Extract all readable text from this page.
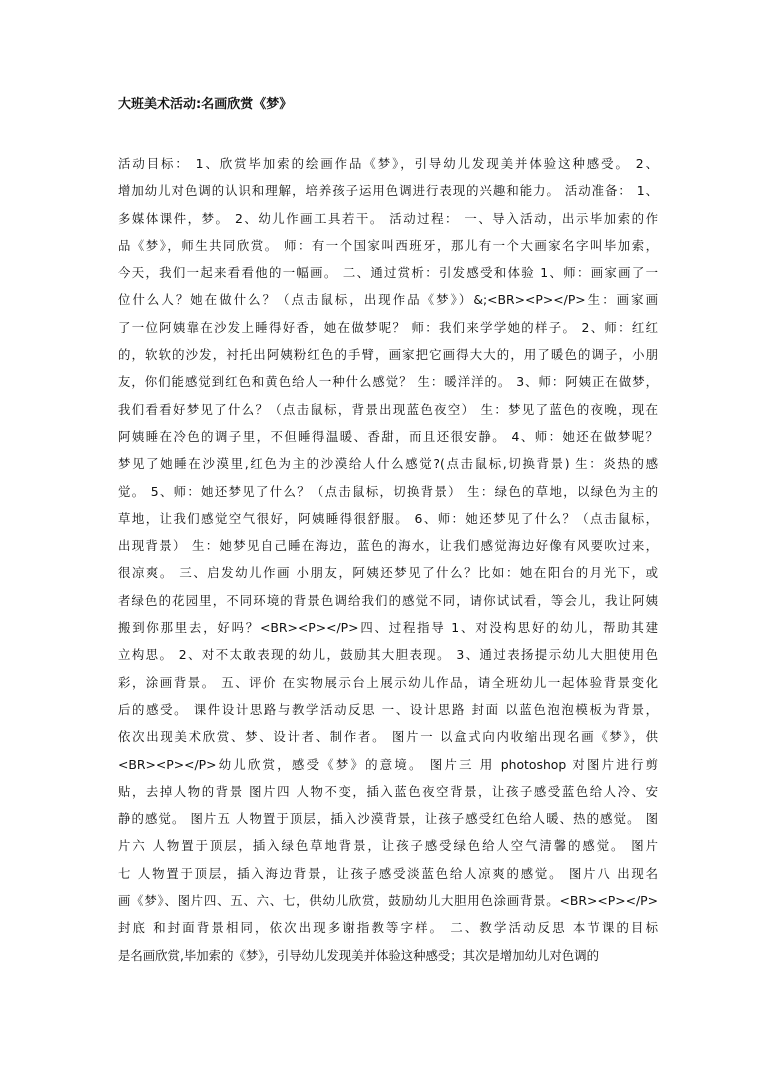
大班美术活动:名画欣赏《梦》
活动目标： 1、欣赏毕加索的绘画作品《梦》，引导幼儿发现美并体验这种感受。 2、
增加幼儿对色调的认识和理解，培养孩子运用色调进行表现的兴趣和能力。 活动准备： 1、
多媒体课件，梦。 2、幼儿作画工具若干。 活动过程： 一、导入活动，出示毕加索的作
品《梦》，师生共同欣赏。 师：有一个国家叫西班牙，那儿有一个大画家名字叫毕加索，
今天，我们一起来看看他的一幅画。 二、通过赏析：引发感受和体验 1、师：画家画了一
位什么人？她在做什么？（点击鼠标，出现作品《梦》）&;<BR><P></P>生：画家画
了一位阿姨靠在沙发上睡得好香，她在做梦呢？ 师：我们来学学她的样子。 2、师：红红
的，软软的沙发，衬托出阿姨粉红色的手臂，画家把它画得大大的，用了暖色的调子，小朋
友，你们能感觉到红色和黄色给人一种什么感觉？ 生：暖洋洋的。 3、师：阿姨正在做梦，
我们看看好梦见了什么？（点击鼠标，背景出现蓝色夜空） 生：梦见了蓝色的夜晚，现在
阿姨睡在冷色的调子里，不但睡得温暖、香甜，而且还很安静。 4、师：她还在做梦呢？
梦见了她睡在沙漠里,红色为主的沙漠给人什么感觉?(点击鼠标,切换背景) 生：炎热的感
觉。 5、师：她还梦见了什么？（点击鼠标，切换背景） 生：绿色的草地，以绿色为主的
草地，让我们感觉空气很好，阿姨睡得很舒服。 6、师：她还梦见了什么？（点击鼠标，
出现背景） 生：她梦见自己睡在海边，蓝色的海水，让我们感觉海边好像有风要吹过来，
很凉爽。 三、启发幼儿作画 小朋友，阿姨还梦见了什么？比如：她在阳台的月光下，或
者绿色的花园里，不同环境的背景色调给我们的感觉不同，请你试试看，等会儿，我让阿姨
搬到你那里去，好吗？<BR><P></P>四、过程指导 1、对没构思好的幼儿，帮助其建
立构思。 2、对不太敢表现的幼儿，鼓励其大胆表现。 3、通过表扬提示幼儿大胆使用色
彩，涂画背景。 五、评价 在实物展示台上展示幼儿作品，请全班幼儿一起体验背景变化
后的感受。 课件设计思路与教学活动反思 一、设计思路 封面 以蓝色泡泡模板为背景，
依次出现美术欣赏、梦、设计者、制作者。 图片一 以盒式向内收缩出现名画《梦》，供
<BR><P></P>幼儿欣赏，感受《梦》的意境。 图片三 用 photoshop 对图片进行剪
贴，去掉人物的背景 图片四 人物不变，插入蓝色夜空背景，让孩子感受蓝色给人冷、安
静的感觉。 图片五 人物置于顶层，插入沙漠背景，让孩子感受红色给人暖、热的感觉。 图
片六 人物置于顶层，插入绿色草地背景，让孩子感受绿色给人空气清馨的感觉。 图片
七 人物置于顶层，插入海边背景，让孩子感受淡蓝色给人凉爽的感觉。 图片八 出现名
画《梦》、图片四、五、六、七，供幼儿欣赏，鼓励幼儿大胆用色涂画背景。<BR><P></P>
封底 和封面背景相同，依次出现多谢指教等字样。 二、教学活动反思 本节课的目标
是名画欣赏,毕加索的《梦》，引导幼儿发现美并体验这种感受；其次是增加幼儿对色调的
